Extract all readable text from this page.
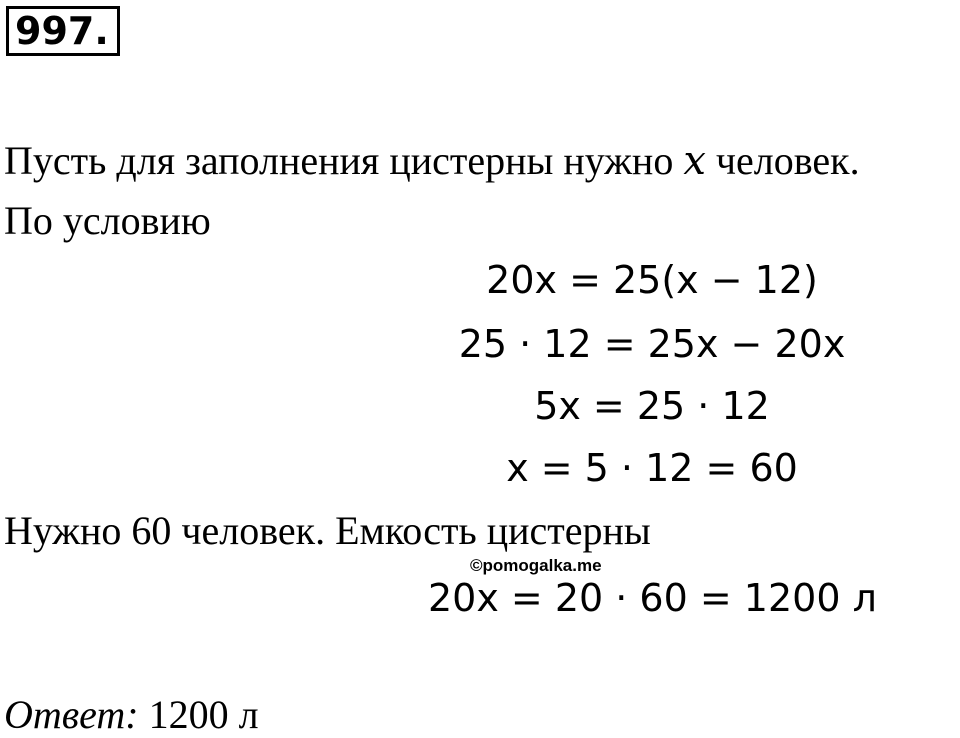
997.
Пусть для заполнения цистерны нужно x человек.
По условию
20x = 25(x − 12)
25 · 12 = 25x − 20x
5x = 25 · 12
x = 5 · 12 = 60
Нужно 60 человек. Емкость цистерны
©pomogalka.me
20x = 20 · 60 = 1200 л
Ответ: 1200 л
